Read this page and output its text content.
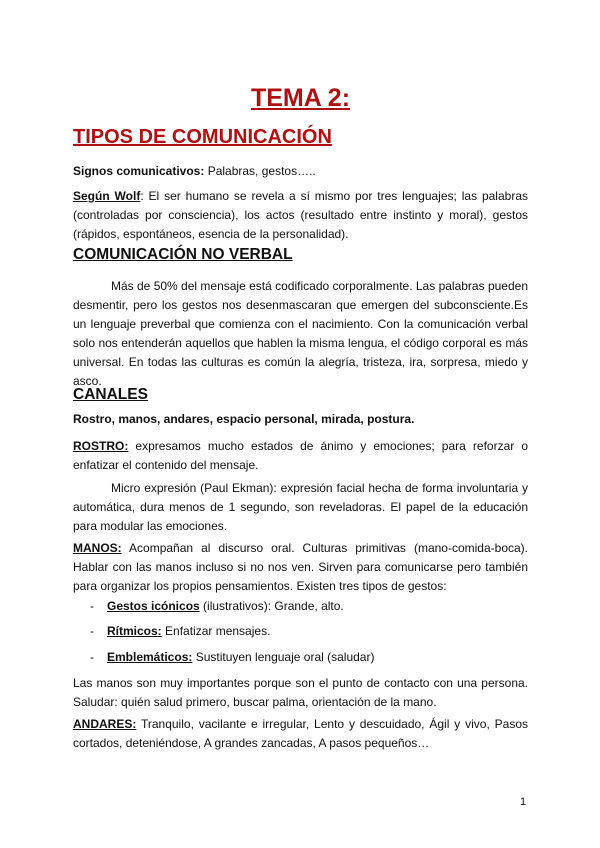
TEMA 2:
TIPOS DE COMUNICACIÓN

Signos comunicativos: Palabras, gestos…..

Según Wolf: El ser humano se revela a sí mismo por tres lenguajes; las palabras (controladas por consciencia), los actos (resultado entre instinto y moral), gestos (rápidos, espontáneos, esencia de la personalidad).

COMUNICACIÓN NO VERBAL

Más de 50% del mensaje está codificado corporalmente. Las palabras pueden desmentir, pero los gestos nos desenmascaran que emergen del subconsciente.Es un lenguaje preverbal que comienza con el nacimiento. Con la comunicación verbal solo nos entenderán aquellos que hablen la misma lengua, el código corporal es más universal. En todas las culturas es común la alegría, tristeza, ira, sorpresa, miedo y asco.

CANALES

Rostro, manos, andares, espacio personal, mirada, postura.

ROSTRO: expresamos mucho estados de ánimo y emociones; para reforzar o enfatizar el contenido del mensaje.

Micro expresión (Paul Ekman): expresión facial hecha de forma involuntaria y automática, dura menos de 1 segundo, son reveladoras. El papel de la educación para modular las emociones.

MANOS: Acompañan al discurso oral. Culturas primitivas (mano-comida-boca). Hablar con las manos incluso si no nos ven. Sirven para comunicarse pero también para organizar los propios pensamientos. Existen tres tipos de gestos:

- Gestos icónicos (ilustrativos): Grande, alto.
- Rítmicos: Enfatizar mensajes.
- Emblemáticos: Sustituyen lenguaje oral (saludar)

Las manos son muy importantes porque son el punto de contacto con una persona. Saludar: quién salud primero, buscar palma, orientación de la mano.

ANDARES: Tranquilo, vacilante e irregular, Lento y descuidado, Ágil y vivo, Pasos cortados, deteniéndose, A grandes zancadas, A pasos pequeños…

1
